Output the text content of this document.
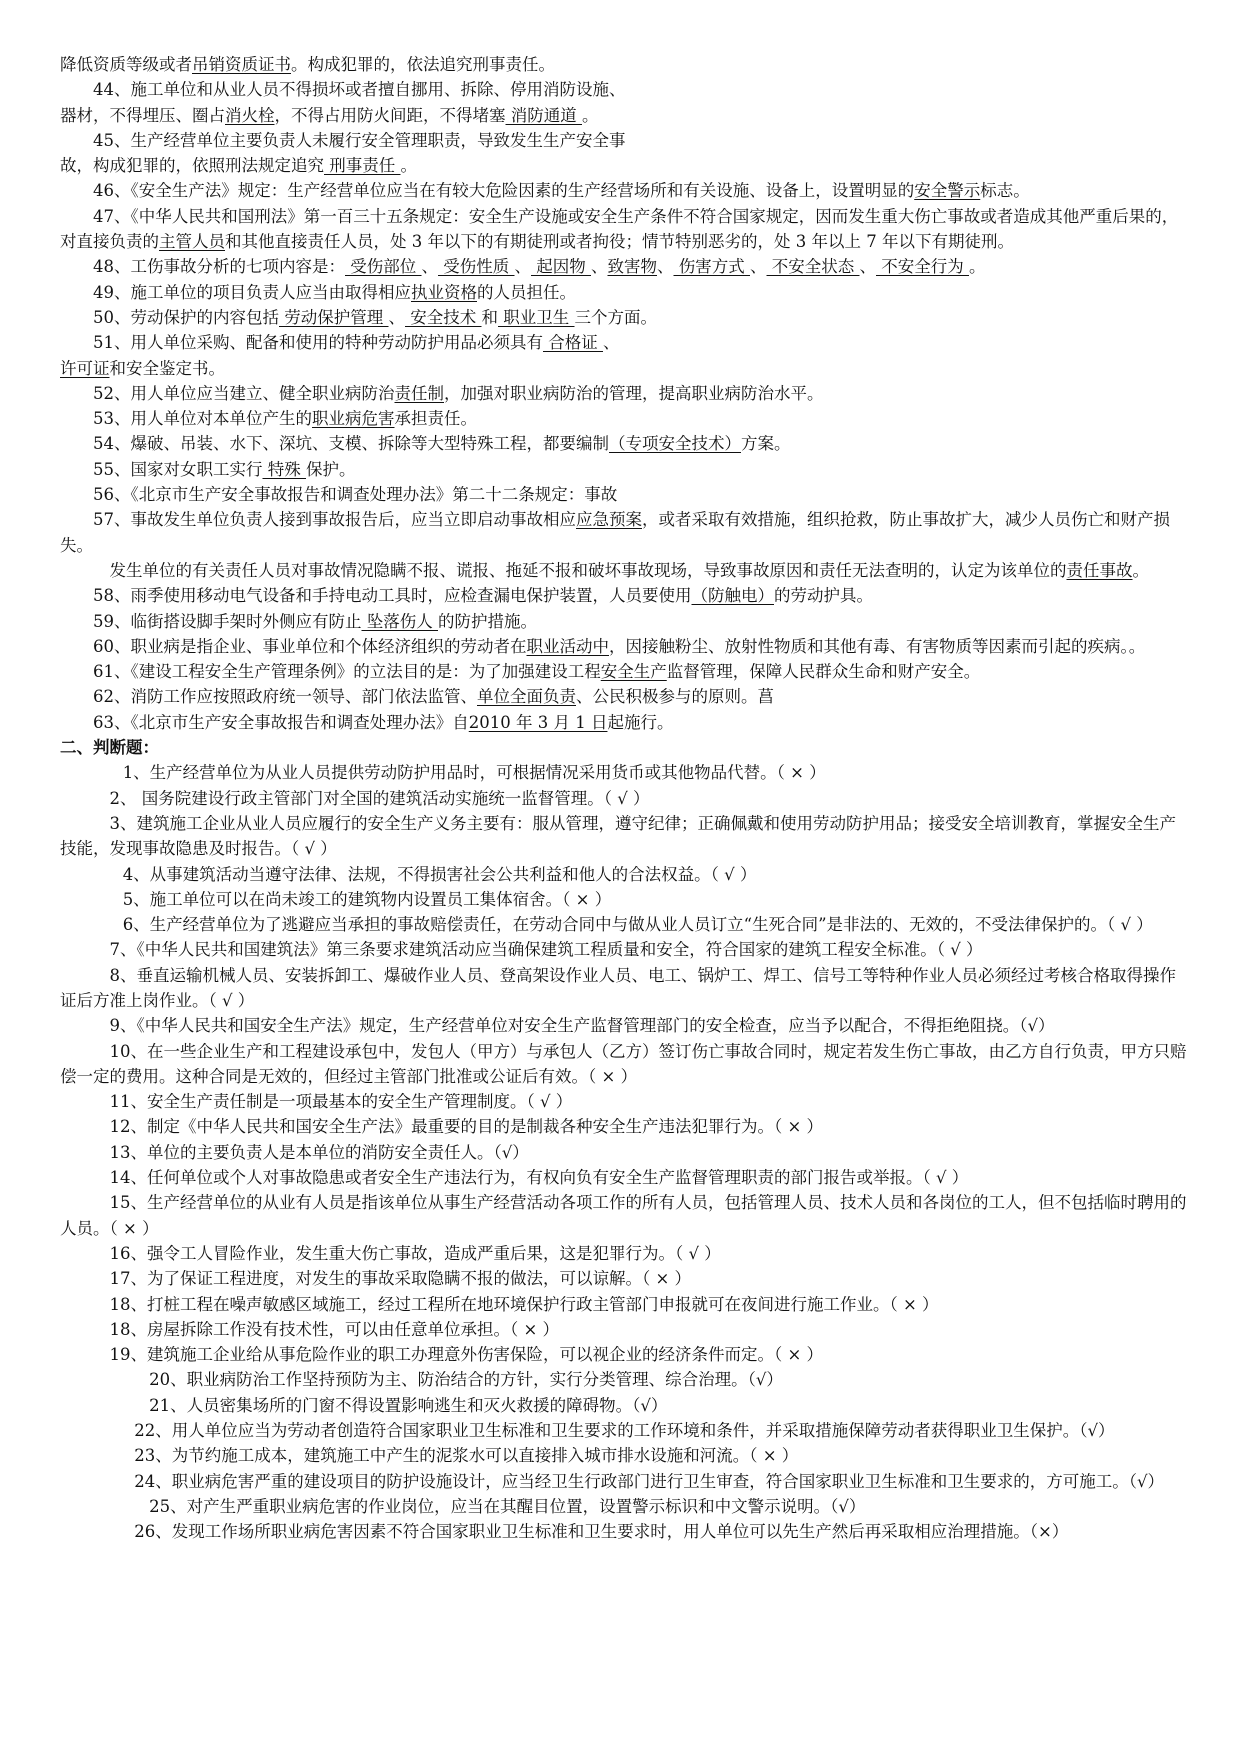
降低资质等级或者吊销资质证书。构成犯罪的，依法追究刑事责任。

44、施工单位和从业人员不得损坏或者擅自挪用、拆除、停用消防设施、

器材，不得埋压、圈占消火栓，不得占用防火间距，不得堵塞 消防通道 。

45、生产经营单位主要负责人未履行安全管理职责，导致发生生产安全事

故，构成犯罪的，依照刑法规定追究 刑事责任 。

46、《安全生产法》规定：生产经营单位应当在有较大危险因素的生产经营场所和有关设施、设备上，设置明显的安全警示标志。

47、《中华人民共和国刑法》第一百三十五条规定：安全生产设施或安全生产条件不符合国家规定，因而发生重大伤亡事故或者造成其他严重后果的，对直接负责的主管人员和其他直接责任人员，处 3 年以下的有期徒刑或者拘役；情节特别恶劣的，处 3 年以上 7 年以下有期徒刑。

48、工伤事故分析的七项内容是： 受伤部位 、 受伤性质 、 起因物 、致害物、 伤害方式 、 不安全状态 、 不安全行为 。

49、施工单位的项目负责人应当由取得相应执业资格的人员担任。

50、劳动保护的内容包括 劳动保护管理 、 安全技术 和 职业卫生 三个方面。

51、用人单位采购、配备和使用的特种劳动防护用品必须具有 合格证 、

许可证和安全鉴定书。

52、用人单位应当建立、健全职业病防治责任制，加强对职业病防治的管理，提高职业病防治水平。

53、用人单位对本单位产生的职业病危害承担责任。

54、爆破、吊装、水下、深坑、支模、拆除等大型特殊工程，都要编制（专项安全技术）方案。

55、国家对女职工实行 特殊 保护。

56、《北京市生产安全事故报告和调查处理办法》第二十二条规定：事故

57、事故发生单位负责人接到事故报告后，应当立即启动事故相应应急预案，或者采取有效措施，组织抢救，防止事故扩大，减少人员伤亡和财产损失。

发生单位的有关责任人员对事故情况隐瞒不报、谎报、拖延不报和破坏事故现场，导致事故原因和责任无法查明的，认定为该单位的责任事故。

58、雨季使用移动电气设备和手持电动工具时，应检查漏电保护装置，人员要使用（防触电）的劳动护具。

59、临街搭设脚手架时外侧应有防止 坠落伤人 的防护措施。

60、职业病是指企业、事业单位和个体经济组织的劳动者在职业活动中，因接触粉尘、放射性物质和其他有毒、有害物质等因素而引起的疾病。。

61、《建设工程安全生产管理条例》的立法目的是：为了加强建设工程安全生产监督管理，保障人民群众生命和财产安全。

62、消防工作应按照政府统一领导、部门依法监管、单位全面负责、公民积极参与的原则。菖

63、《北京市生产安全事故报告和调查处理办法》自2010 年 3 月 1 日起施行。

二、判断题：

1、生产经营单位为从业人员提供劳动防护用品时，可根据情况采用货币或其他物品代替。（ × ）

2、 国务院建设行政主管部门对全国的建筑活动实施统一监督管理。（ √ ）

3、建筑施工企业从业人员应履行的安全生产义务主要有：服从管理，遵守纪律；正确佩戴和使用劳动防护用品；接受安全培训教育，掌握安全生产技能，发现事故隐患及时报告。（ √ ）

4、从事建筑活动当遵守法律、法规，不得损害社会公共利益和他人的合法权益。（ √ ）

5、施工单位可以在尚未竣工的建筑物内设置员工集体宿舍。（ × ）

6、生产经营单位为了逃避应当承担的事故赔偿责任，在劳动合同中与做从业人员订立“生死合同”是非法的、无效的，不受法律保护的。（ √ ）

7、《中华人民共和国建筑法》第三条要求建筑活动应当确保建筑工程质量和安全，符合国家的建筑工程安全标准。（ √ ）

8、垂直运输机械人员、安装拆卸工、爆破作业人员、登高架设作业人员、电工、锅炉工、焊工、信号工等特种作业人员必须经过考核合格取得操作证后方准上岗作业。（ √ ）

9、《中华人民共和国安全生产法》规定，生产经营单位对安全生产监督管理部门的安全检查，应当予以配合，不得拒绝阻挠。（√）

10、在一些企业生产和工程建设承包中，发包人（甲方）与承包人（乙方）签订伤亡事故合同时，规定若发生伤亡事故，由乙方自行负责，甲方只赔偿一定的费用。这种合同是无效的，但经过主管部门批准或公证后有效。（ × ）

11、安全生产责任制是一项最基本的安全生产管理制度。（ √ ）

12、制定《中华人民共和国安全生产法》最重要的目的是制裁各种安全生产违法犯罪行为。（ × ）

13、单位的主要负责人是本单位的消防安全责任人。（√）

14、任何单位或个人对事故隐患或者安全生产违法行为，有权向负有安全生产监督管理职责的部门报告或举报。（ √ ）

15、生产经营单位的从业有人员是指该单位从事生产经营活动各项工作的所有人员，包括管理人员、技术人员和各岗位的工人，但不包括临时聘用的人员。（ × ）

16、强令工人冒险作业，发生重大伤亡事故，造成严重后果，这是犯罪行为。（ √ ）

17、为了保证工程进度，对发生的事故采取隐瞒不报的做法，可以谅解。（ × ）

18、打桩工程在噪声敏感区域施工，经过工程所在地环境保护行政主管部门申报就可在夜间进行施工作业。（ × ）

18、房屋拆除工作没有技术性，可以由任意单位承担。（ × ）

19、建筑施工企业给从事危险作业的职工办理意外伤害保险，可以视企业的经济条件而定。（ × ）

20、职业病防治工作坚持预防为主、防治结合的方针，实行分类管理、综合治理。（√）

21、人员密集场所的门窗不得设置影响逃生和灭火救援的障碍物。（√）

22、用人单位应当为劳动者创造符合国家职业卫生标准和卫生要求的工作环境和条件，并采取措施保障劳动者获得职业卫生保护。（√）

23、为节约施工成本，建筑施工中产生的泥浆水可以直接排入城市排水设施和河流。（ × ）

24、职业病危害严重的建设项目的防护设施设计，应当经卫生行政部门进行卫生审查，符合国家职业卫生标准和卫生要求的，方可施工。（√）

25、对产生严重职业病危害的作业岗位，应当在其醒目位置，设置警示标识和中文警示说明。（√）

26、发现工作场所职业病危害因素不符合国家职业卫生标准和卫生要求时，用人单位可以先生产然后再采取相应治理措施。（×）
